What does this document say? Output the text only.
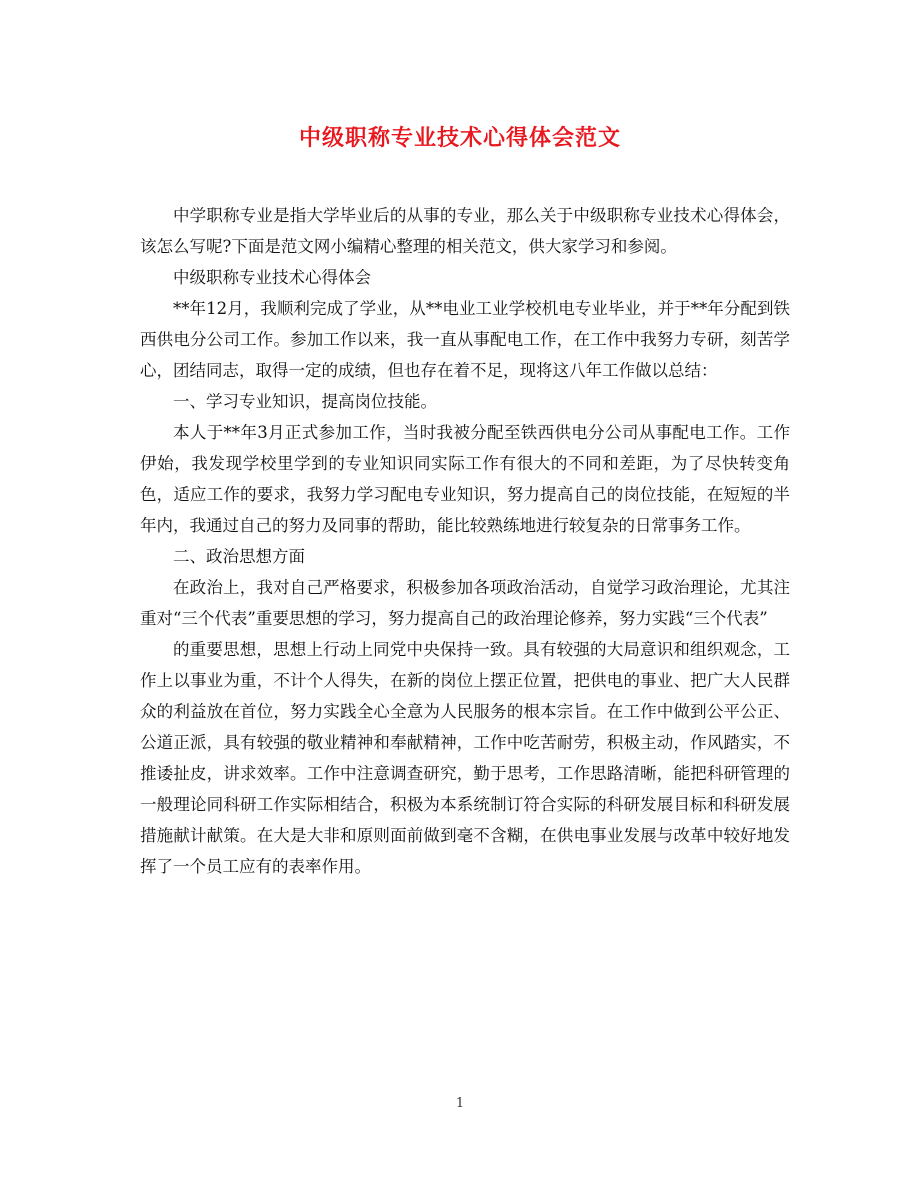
中级职称专业技术心得体会范文

中学职称专业是指大学毕业后的从事的专业，那么关于中级职称专业技术心得体会，该怎么写呢?下面是范文网小编精心整理的相关范文，供大家学习和参阅。

中级职称专业技术心得体会

**年12月，我顺利完成了学业，从**电业工业学校机电专业毕业，并于**年分配到铁西供电分公司工作。参加工作以来，我一直从事配电工作，在工作中我努力专研，刻苦学心，团结同志，取得一定的成绩，但也存在着不足，现将这八年工作做以总结：

一、学习专业知识，提高岗位技能。

本人于**年3月正式参加工作，当时我被分配至铁西供电分公司从事配电工作。工作伊始，我发现学校里学到的专业知识同实际工作有很大的不同和差距，为了尽快转变角色，适应工作的要求，我努力学习配电专业知识，努力提高自己的岗位技能，在短短的半年内，我通过自己的努力及同事的帮助，能比较熟练地进行较复杂的日常事务工作。

二、政治思想方面

在政治上，我对自己严格要求，积极参加各项政治活动，自觉学习政治理论，尤其注重对“三个代表”重要思想的学习，努力提高自己的政治理论修养，努力实践“三个代表”

的重要思想，思想上行动上同党中央保持一致。具有较强的大局意识和组织观念，工作上以事业为重，不计个人得失，在新的岗位上摆正位置，把供电的事业、把广大人民群众的利益放在首位，努力实践全心全意为人民服务的根本宗旨。在工作中做到公平公正、公道正派，具有较强的敬业精神和奉献精神，工作中吃苦耐劳，积极主动，作风踏实，不推诿扯皮，讲求效率。工作中注意调查研究，勤于思考，工作思路清晰，能把科研管理的一般理论同科研工作实际相结合，积极为本系统制订符合实际的科研发展目标和科研发展措施献计献策。在大是大非和原则面前做到毫不含糊，在供电事业发展与改革中较好地发挥了一个员工应有的表率作用。

1
